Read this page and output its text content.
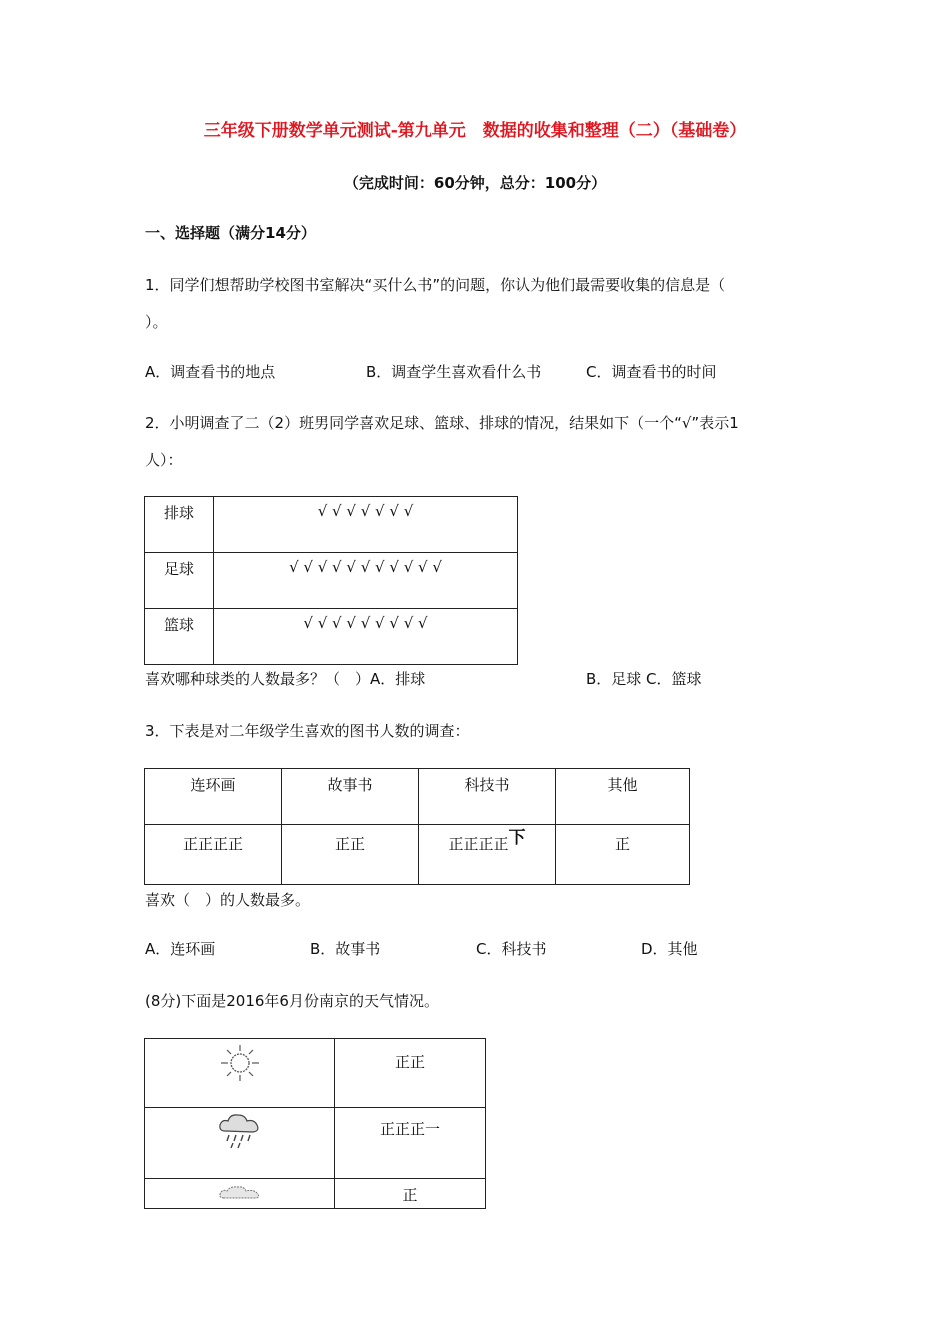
三年级下册数学单元测试-第九单元　数据的收集和整理（二）（基础卷）
（完成时间：60分钟，总分：100分）
一、选择题（满分14分）
1．同学们想帮助学校图书室解决“买什么书”的问题，你认为他们最需要收集的信息是（
）。
A．调查看书的地点	B．调查学生喜欢看什么书	C．调查看书的时间
2．小明调查了二（2）班男同学喜欢足球、篮球、排球的情况，结果如下（一个“√”表示1
人）：
排球	√ √ √ √ √ √ √
足球	√ √ √ √ √ √ √ √ √ √ √
篮球	√ √ √ √ √ √ √ √ √
喜欢哪种球类的人数最多？（　）A．排球	B．足球 C．篮球
3．下表是对二年级学生喜欢的图书人数的调查：
连环画	故事书	科技书	其他
正正正正	正正	正正正正下	正
喜欢（　）的人数最多。
A．连环画	B．故事书	C．科技书	D．其他
(8分)下面是2016年6月份南京的天气情况。
	正正
	正正正一
	正
